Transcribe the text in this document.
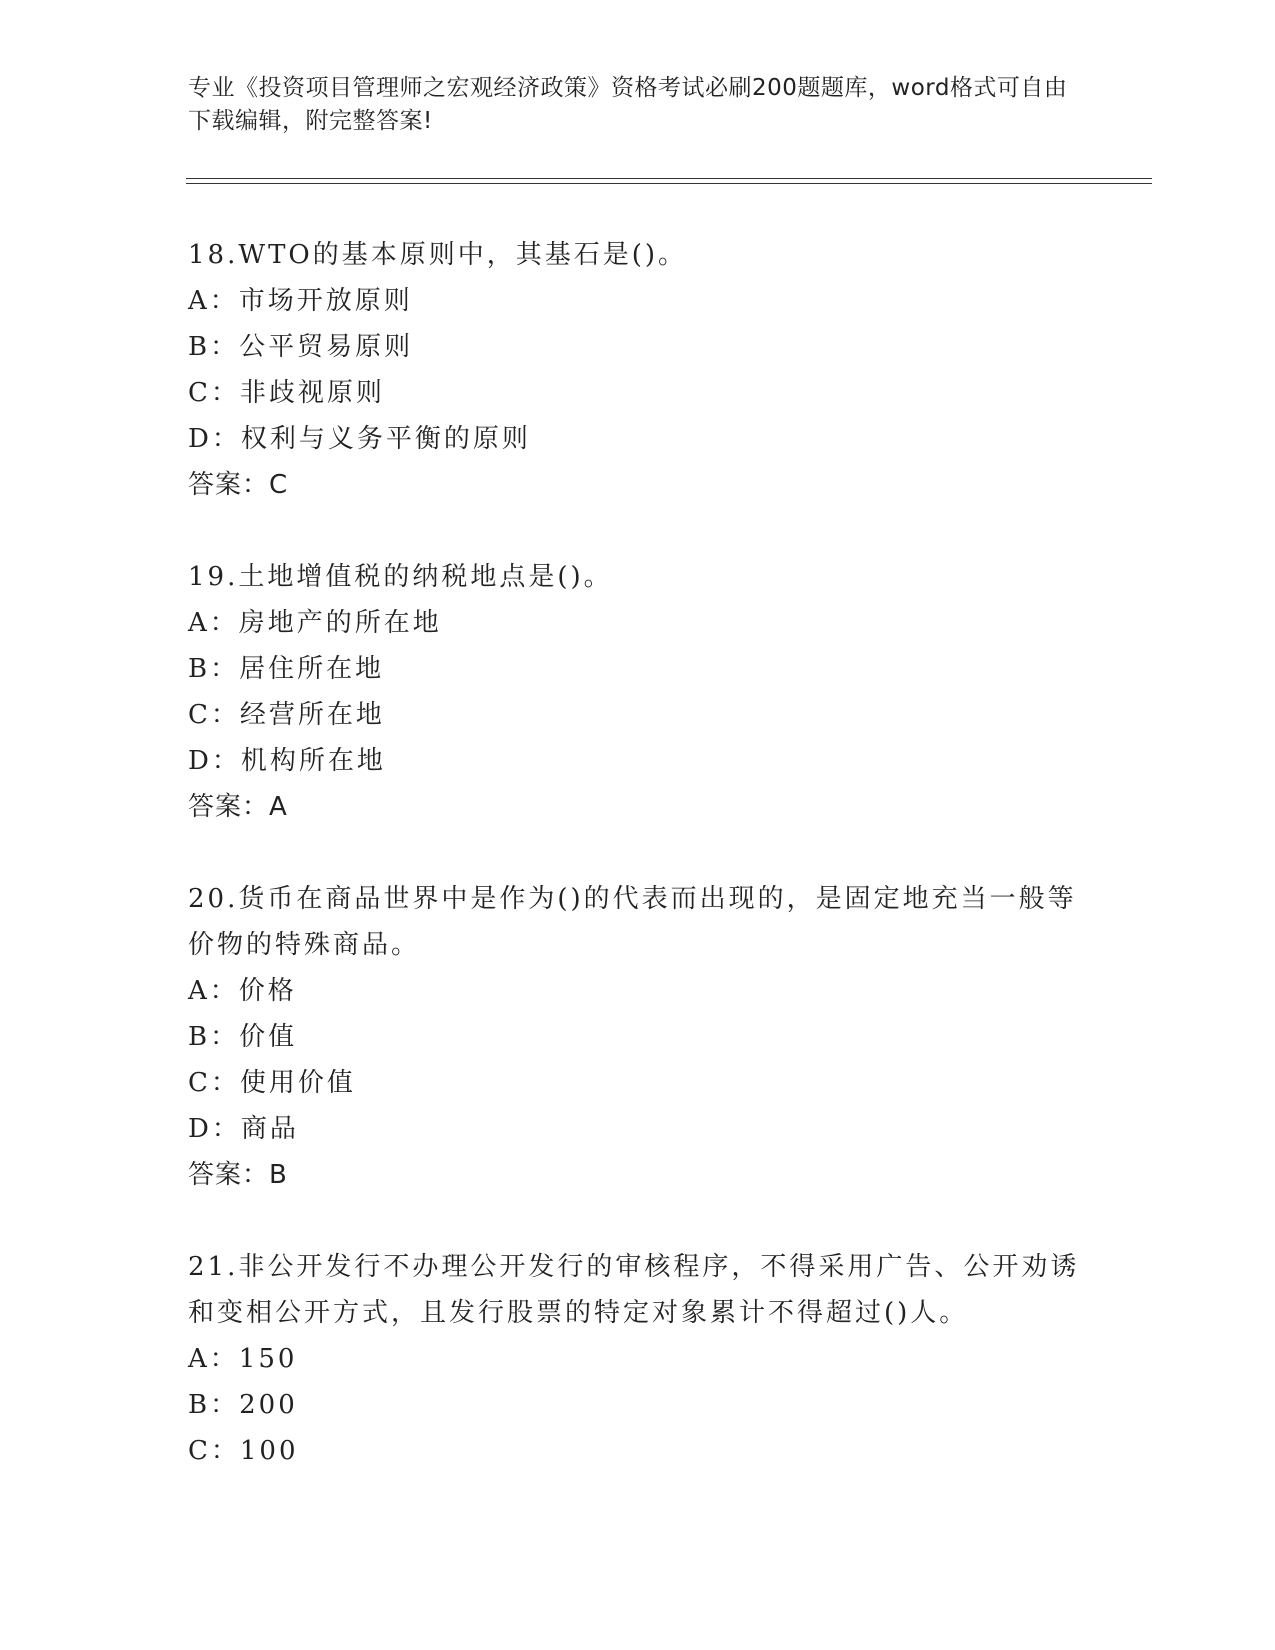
专业《投资项目管理师之宏观经济政策》资格考试必刷200题题库，word格式可自由下载编辑，附完整答案!

18.WTO的基本原则中，其基石是()。

A：市场开放原则

B：公平贸易原则

C：非歧视原则

D：权利与义务平衡的原则

答案：C

19.土地增值税的纳税地点是()。

A：房地产的所在地

B：居住所在地

C：经营所在地

D：机构所在地

答案：A

20.货币在商品世界中是作为()的代表而出现的，是固定地充当一般等价物的特殊商品。

A：价格

B：价值

C：使用价值

D：商品

答案：B

21.非公开发行不办理公开发行的审核程序，不得采用广告、公开劝诱和变相公开方式，且发行股票的特定对象累计不得超过()人。

A：150

B：200

C：100
